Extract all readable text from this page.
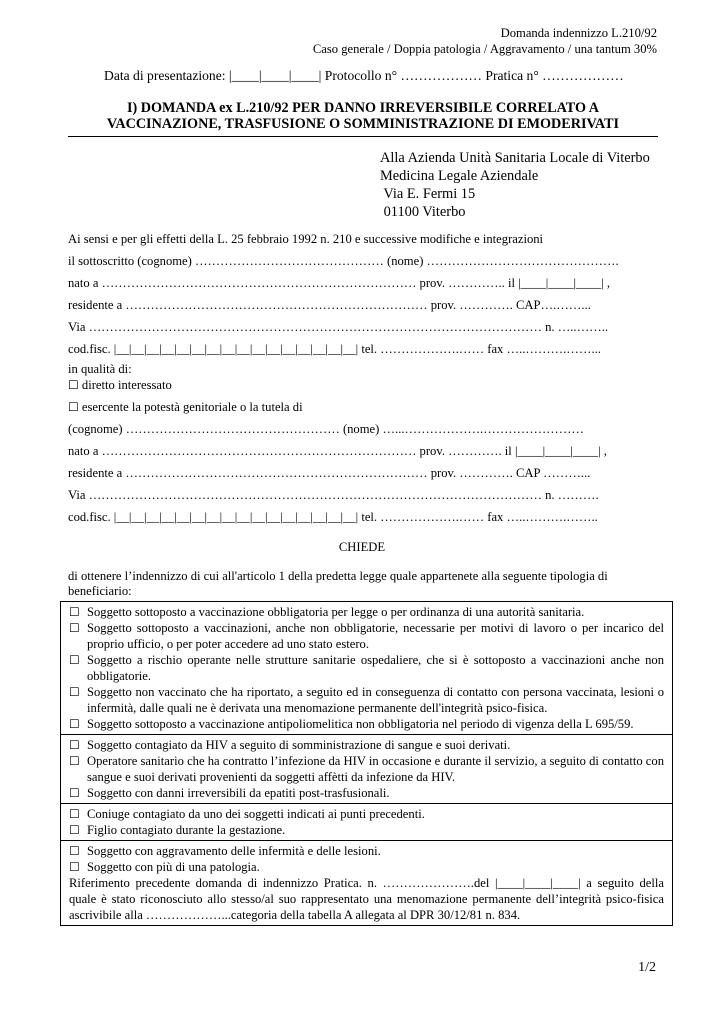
Domanda indennizzo L.210/92
Caso generale / Doppia patologia / Aggravamento / una tantum 30%
Data di presentazione: |____|____|____| Protocollo n° ……………… Pratica n° ………………
I) DOMANDA ex L.210/92 PER DANNO IRREVERSIBILE CORRELATO A
VACCINAZIONE, TRASFUSIONE O SOMMINISTRAZIONE DI EMODERIVATI
Alla Azienda Unità Sanitaria Locale di Viterbo
Medicina Legale Aziendale
Via E. Fermi 15
01100 Viterbo
Ai sensi e per gli effetti della L. 25 febbraio 1992 n. 210 e successive modifiche e integrazioni
il sottoscritto (cognome) ……………………………………… (nome) ……………………………………….
nato a ………………………………………………………………… prov. ………….. il |____|____|____| ,
residente a ……………………………………………………………… prov. …………. CAP….……...
Via ……………………………………………………………………………………………… n. …..……..
cod.fisc. |__|__|__|__|__|__|__|__|__|__|__|__|__|__|__|__| tel. ……………….…… fax …..……….……...
in qualità di:
☐ diretto interessato
☐ esercente la potestà genitoriale o la tutela di
(cognome) …………………………………………… (nome) …...……………….……………………
nato a ………………………………………………………………… prov. …………. il |____|____|____| ,
residente a ……………………………………………………………… prov. …………. CAP ………...
Via ……………………………………………………………………………………………… n. ……….
cod.fisc. |__|__|__|__|__|__|__|__|__|__|__|__|__|__|__|__| tel. ……………….…… fax …..……….……..
CHIEDE
di ottenere l’indennizzo di cui all'articolo 1 della predetta legge quale appartenete alla seguente tipologia di beneficiario:
☐ Soggetto sottoposto a vaccinazione obbligatoria per legge o per ordinanza di una autorità sanitaria.
☐ Soggetto sottoposto a vaccinazioni, anche non obbligatorie, necessarie per motivi di lavoro o per incarico del proprio ufficio, o per poter accedere ad uno stato estero.
☐ Soggetto a rischio operante nelle strutture sanitarie ospedaliere, che si è sottoposto a vaccinazioni anche non obbligatorie.
☐ Soggetto non vaccinato che ha riportato, a seguito ed in conseguenza di contatto con persona vaccinata, lesioni o infermità, dalle quali ne è derivata una menomazione permanente dell'integrità psico-fisica.
☐ Soggetto sottoposto a vaccinazione antipoliomelitica non obbligatoria nel periodo di vigenza della L 695/59.
☐ Soggetto contagiato da HIV a seguito di somministrazione di sangue e suoi derivati.
☐ Operatore sanitario che ha contratto l’infezione da HIV in occasione e durante il servizio, a seguito di contatto con sangue e suoi derivati provenienti da soggetti affètti da infezione da HIV.
☐ Soggetto con danni irreversibili da epatiti post-trasfusionali.
☐ Coniuge contagiato da uno dei soggetti indicati ai punti precedenti.
☐ Figlio contagiato durante la gestazione.
☐ Soggetto con aggravamento delle infermità e delle lesioni.
☐ Soggetto con più di una patologia.
Riferimento precedente domanda di indennizzo Pratica. n. ………………….del |____|____|____| a seguito della quale è stato riconosciuto allo stesso/al suo rappresentato una menomazione permanente dell’integrità psico-fisica ascrivibile alla ………………...categoria della tabella A allegata al DPR 30/12/81 n. 834.
1/2
